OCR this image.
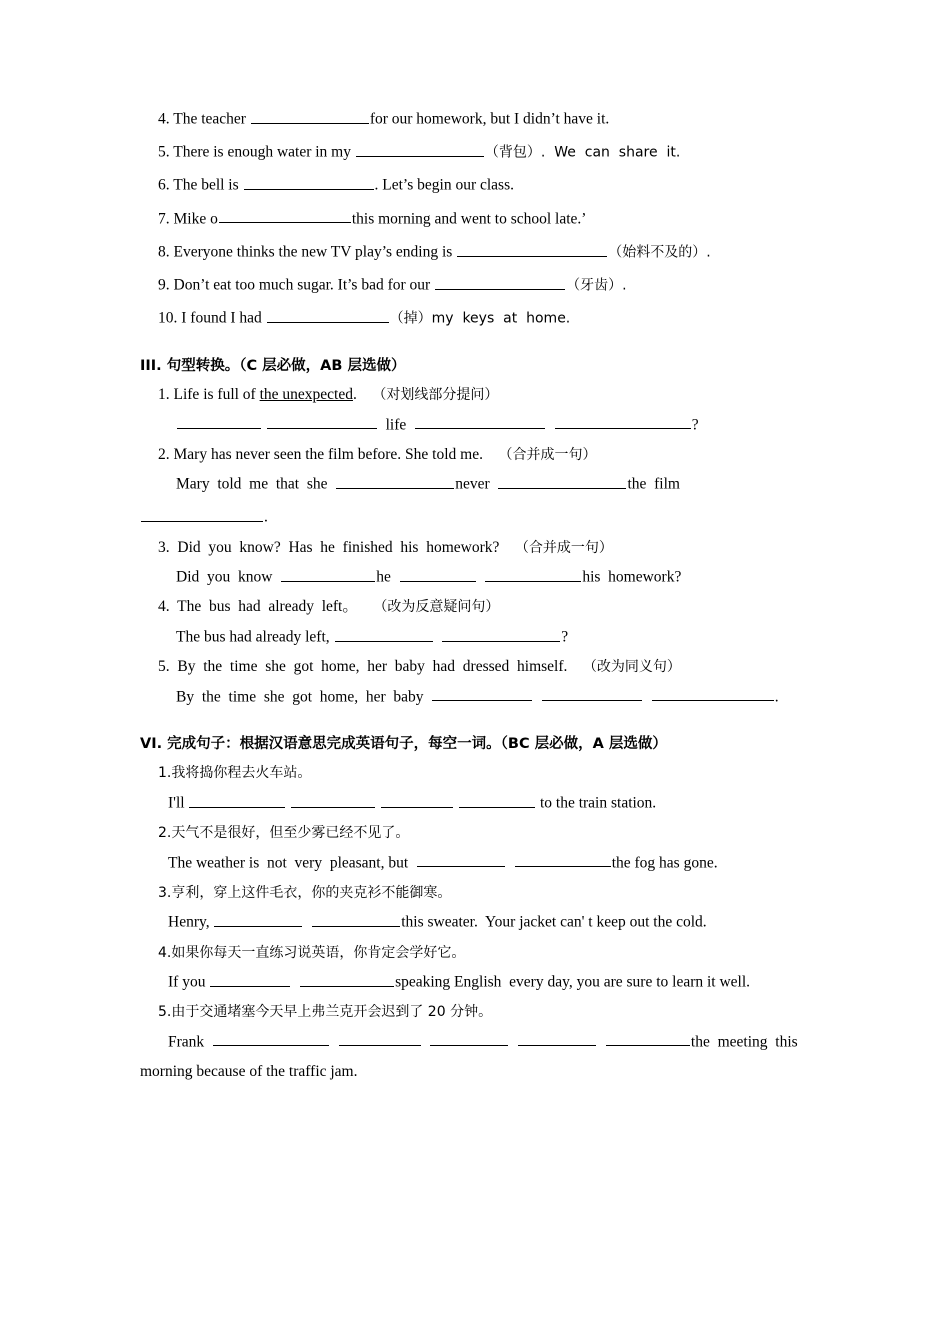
4. The teacher	for our homework, but I didn’t have it.
5. There is enough water in my	（背包）.  We  can  share  it.
6. The bell is	. Let’s begin our class.
7. Mike o	this morning and went to school late.’
8. Everyone thinks the new TV play’s ending is	（始料不及的）.
9. Don’t eat too much sugar. It’s bad for our	（牙齿）.
10. I found I had	（掉）my  keys  at  home.
III. 句型转换。（C 层必做，AB 层选做）
1. Life is full of the unexpected. （对划线部分提问）
life	?
2. Mary has never seen the film before. She told me. （合并成一句）
Mary  told  me  that  she	never	the  film
.
3.  Did  you  know?  Has  he  finished  his  homework? （合并成一句）
Did  you  know	he	his  homework?
4.  The  bus  had  already  left。 （改为反意疑问句）
The bus had already left,	?
5.  By  the  time  she  got  home,  her  baby  had  dressed  himself. （改为同义句）
By  the  time  she  got  home,  her  baby	.
VI. 完成句子：根据汉语意思完成英语句子，每空一词。（BC 层必做，A 层选做）
1.我将捣你程去火车站。
I'll	to the train station.
2.天气不是很好，但至少雾已经不见了。
The weather is  not  very  pleasant, but	the fog has gone.
3.亨利，穿上这件毛衣，你的夹克衫不能御寒。
Henry,	this sweater.  Your jacket can' t keep out the cold.
4.如果你每天一直练习说英语，你肯定会学好它。
If you	speaking English  every day, you are sure to learn it well.
5.由于交通堵塞今天早上弗兰克开会迟到了 20 分钟。
Frank	the  meeting  this
morning because of the traffic jam.
